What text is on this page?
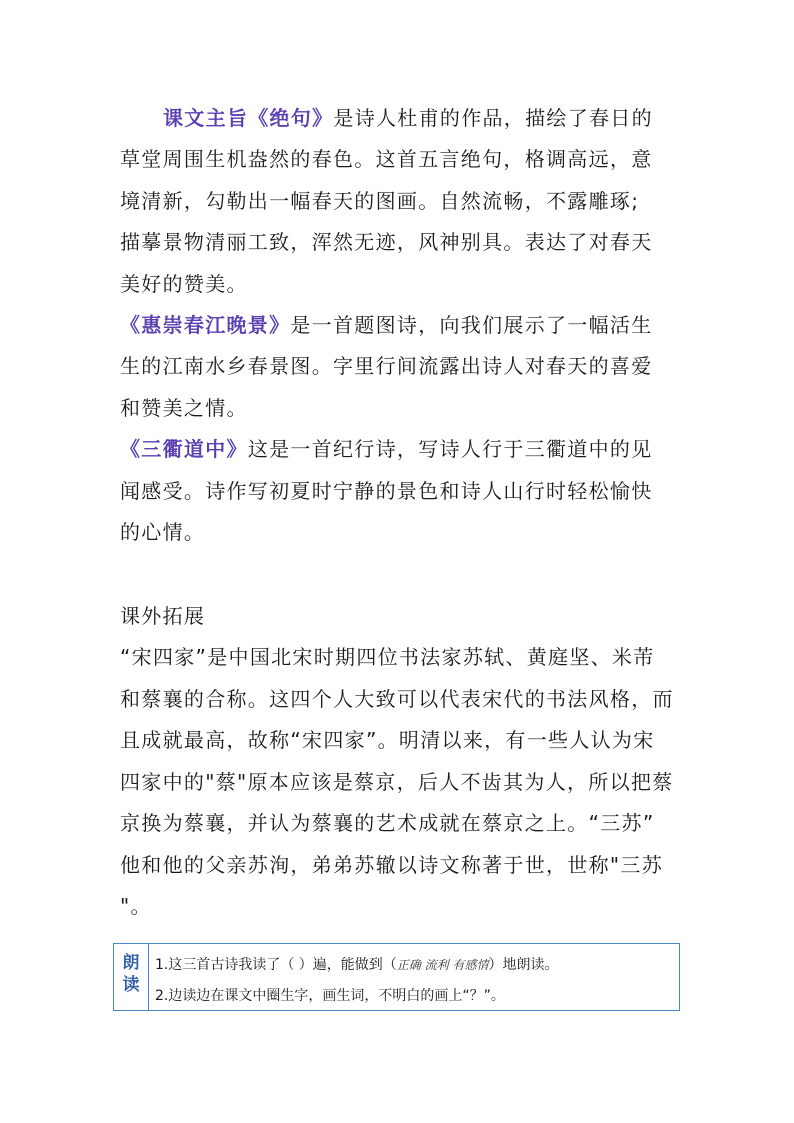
课文主旨《绝句》是诗人杜甫的作品，描绘了春日的
草堂周围生机盎然的春色。这首五言绝句，格调高远，意
境清新，勾勒出一幅春天的图画。自然流畅，不露雕琢;
描摹景物清丽工致，浑然无迹，风神别具。表达了对春天
美好的赞美。
《惠崇春江晚景》是一首题图诗，向我们展示了一幅活生
生的江南水乡春景图。字里行间流露出诗人对春天的喜爱
和赞美之情。
《三衢道中》这是一首纪行诗，写诗人行于三衢道中的见
闻感受。诗作写初夏时宁静的景色和诗人山行时轻松愉快
的心情。
课外拓展
“宋四家”是中国北宋时期四位书法家苏轼、黄庭坚、米芾
和蔡襄的合称。这四个人大致可以代表宋代的书法风格，而
且成就最高，故称“宋四家”。明清以来，有一些人认为宋
四家中的"蔡"原本应该是蔡京，后人不齿其为人，所以把蔡
京换为蔡襄，并认为蔡襄的艺术成就在蔡京之上。“三苏”
他和他的父亲苏洵，弟弟苏辙以诗文称著于世，世称"三苏
"。
朗
读
1.这三首古诗我读了（ ）遍，能做到（正确 流利 有感情）地朗读。
2.边读边在课文中圈生字，画生词，不明白的画上“？”。
